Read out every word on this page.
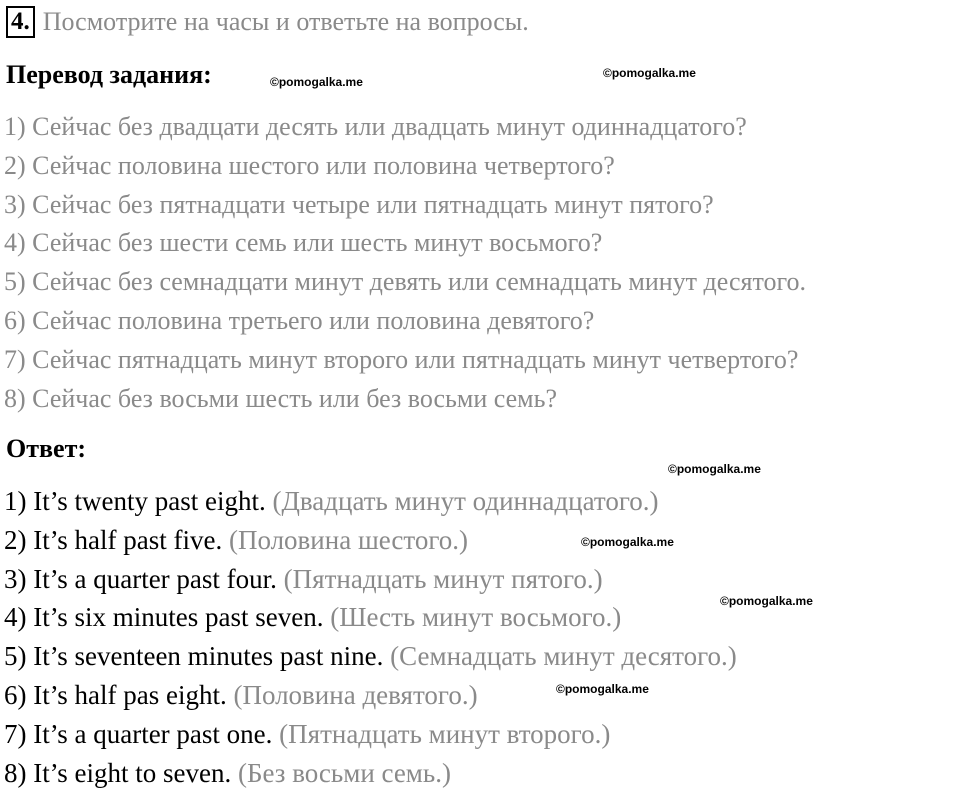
4. Посмотрите на часы и ответьте на вопросы.
Перевод задания:	©pomogalka.me
©pomogalka.me
1) Сейчас без двадцати десять или двадцать минут одиннадцатого?
2) Сейчас половина шестого или половина четвертого?
3) Сейчас без пятнадцати четыре или пятнадцать минут пятого?
4) Сейчас без шести семь или шесть минут восьмого?
5) Сейчас без семнадцати минут девять или семнадцать минут десятого.
6) Сейчас половина третьего или половина девятого?
7) Сейчас пятнадцать минут второго или пятнадцать минут четвертого?
8) Сейчас без восьми шесть или без восьми семь?
Ответ:
©pomogalka.me
1) It’s twenty past eight. (Двадцать минут одиннадцатого.)
2) It’s half past five. (Половина шестого.)
3) It’s a quarter past four. (Пятнадцать минут пятого.)
4) It’s six minutes past seven. (Шесть минут восьмого.)
5) It’s seventeen minutes past nine. (Семнадцать минут десятого.)
6) It’s half pas eight. (Половина девятого.)
7) It’s a quarter past one. (Пятнадцать минут второго.)
8) It’s eight to seven. (Без восьми семь.)
©pomogalka.me
©pomogalka.me
©pomogalka.me
